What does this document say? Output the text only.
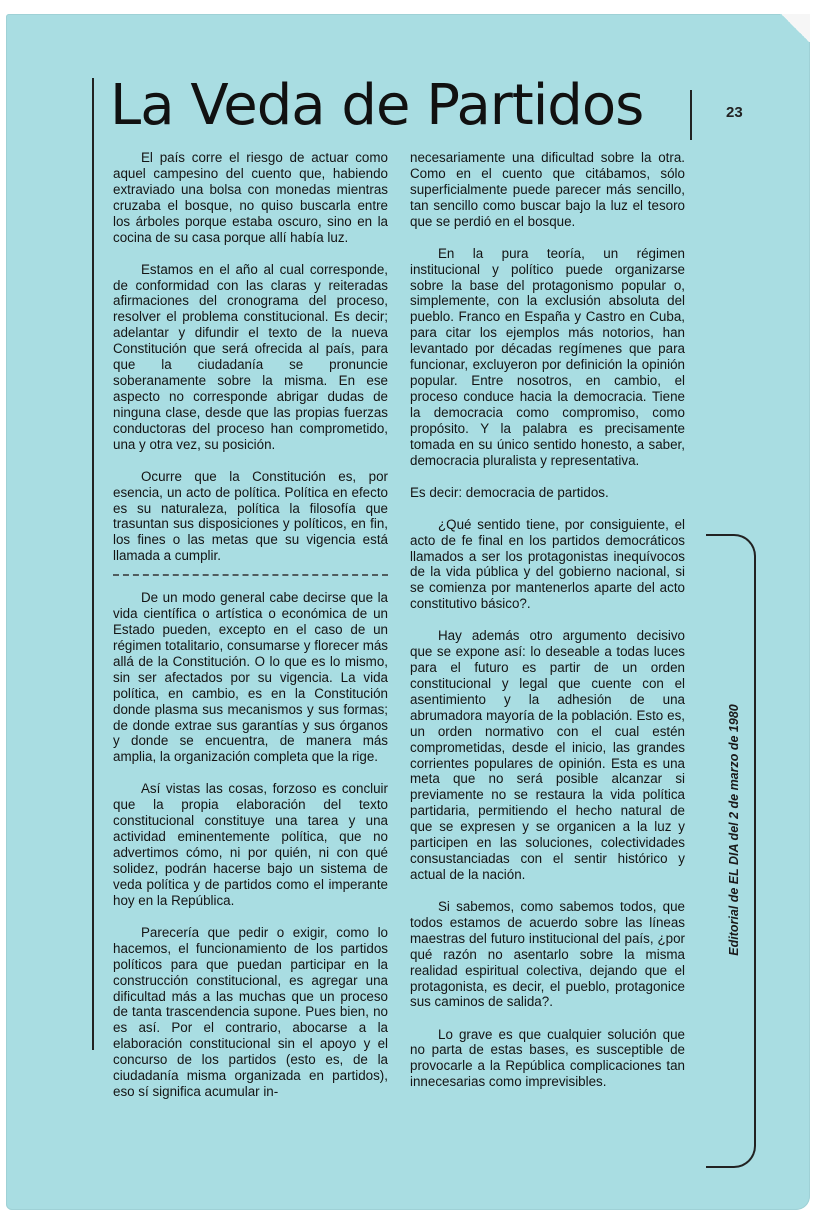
La Veda de Partidos	23

El país corre el riesgo de actuar como aquel campesino del cuento que, habiendo extraviado una bolsa con monedas mientras cruzaba el bosque, no quiso buscarla entre los árboles porque estaba oscuro, sino en la cocina de su casa porque allí había luz.

Estamos en el año al cual corresponde, de conformidad con las claras y reiteradas afirmaciones del cronograma del proceso, resolver el problema constitucional. Es decir; adelantar y difundir el texto de la nueva Constitución que será ofrecida al país, para que la ciudadanía se pronuncie soberanamente sobre la misma. En ese aspecto no corresponde abrigar dudas de ninguna clase, desde que las propias fuerzas conductoras del proceso han comprometido, una y otra vez, su posición.

Ocurre que la Constitución es, por esencia, un acto de política. Política en efecto es su naturaleza, política la filosofía que trasuntan sus disposiciones y políticos, en fin, los fines o las metas que su vigencia está llamada a cumplir.

De un modo general cabe decirse que la vida científica o artística o económica de un Estado pueden, excepto en el caso de un régimen totalitario, consumarse y florecer más allá de la Constitución. O lo que es lo mismo, sin ser afectados por su vigencia. La vida política, en cambio, es en la Constitución donde plasma sus mecanismos y sus formas; de donde extrae sus garantías y sus órganos y donde se encuentra, de manera más amplia, la organización completa que la rige.

Así vistas las cosas, forzoso es concluir que la propia elaboración del texto constitucional constituye una tarea y una actividad eminentemente política, que no advertimos cómo, ni por quién, ni con qué solidez, podrán hacerse bajo un sistema de veda política y de partidos como el imperante hoy en la República.

Parecería que pedir o exigir, como lo hacemos, el funcionamiento de los partidos políticos para que puedan participar en la construcción constitucional, es agregar una dificultad más a las muchas que un proceso de tanta trascendencia supone. Pues bien, no es así. Por el contrario, abocarse a la elaboración constitucional sin el apoyo y el concurso de los partidos (esto es, de la ciudadanía misma organizada en partidos), eso sí significa acumular in-

necesariamente una dificultad sobre la otra. Como en el cuento que citábamos, sólo superficialmente puede parecer más sencillo, tan sencillo como buscar bajo la luz el tesoro que se perdió en el bosque.

En la pura teoría, un régimen institucional y político puede organizarse sobre la base del protagonismo popular o, simplemente, con la exclusión absoluta del pueblo. Franco en España y Castro en Cuba, para citar los ejemplos más notorios, han levantado por décadas regímenes que para funcionar, excluyeron por definición la opinión popular. Entre nosotros, en cambio, el proceso conduce hacia la democracia. Tiene la democracia como compromiso, como propósito. Y la palabra es precisamente tomada en su único sentido honesto, a saber, democracia pluralista y representativa.

Es decir: democracia de partidos.

¿Qué sentido tiene, por consiguiente, el acto de fe final en los partidos democráticos llamados a ser los protagonistas inequívocos de la vida pública y del gobierno nacional, si se comienza por mantenerlos aparte del acto constitutivo básico?.

Hay además otro argumento decisivo que se expone así: lo deseable a todas luces para el futuro es partir de un orden constitucional y legal que cuente con el asentimiento y la adhesión de una abrumadora mayoría de la población. Esto es, un orden normativo con el cual estén comprometidas, desde el inicio, las grandes corrientes populares de opinión. Esta es una meta que no será posible alcanzar si previamente no se restaura la vida política partidaria, permitiendo el hecho natural de que se expresen y se organicen a la luz y participen en las soluciones, colectividades consustanciadas con el sentir histórico y actual de la nación.

Si sabemos, como sabemos todos, que todos estamos de acuerdo sobre las líneas maestras del futuro institucional del país, ¿por qué razón no asentarlo sobre la misma realidad espiritual colectiva, dejando que el protagonista, es decir, el pueblo, protagonice sus caminos de salida?.

Lo grave es que cualquier solución que no parta de estas bases, es susceptible de provocarle a la República complicaciones tan innecesarias como imprevisibles.

Editorial de EL DIA del 2 de marzo de 1980
